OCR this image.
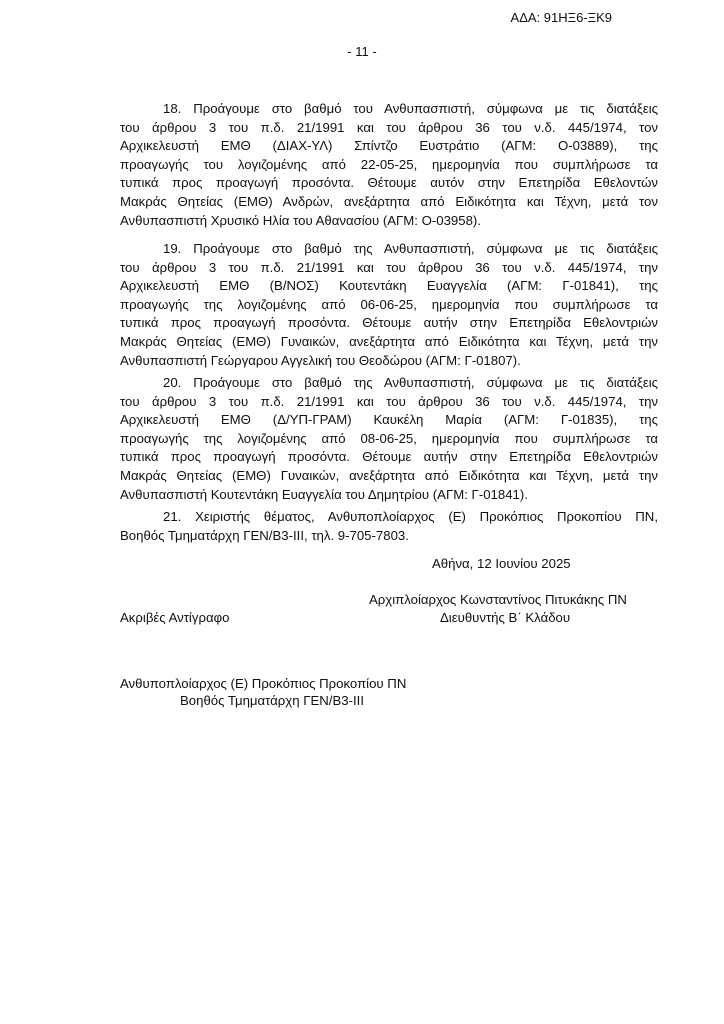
ΑΔΑ: 91ΗΞ6-ΞΚ9
- 11 -
18. Προάγουμε στο βαθμό του Ανθυπασπιστή, σύμφωνα με τις διατάξεις
του άρθρου 3 του π.δ. 21/1991 και του άρθρου 36 του ν.δ. 445/1974, τον
Αρχικελευστή ΕΜΘ (ΔΙΑΧ-ΥΛ) Σπίντζο Ευστράτιο (ΑΓΜ: Ο-03889), της
προαγωγής του λογιζομένης από 22-05-25, ημερομηνία που συμπλήρωσε τα
τυπικά προς προαγωγή προσόντα. Θέτουμε αυτόν στην Επετηρίδα Εθελοντών
Μακράς Θητείας (ΕΜΘ) Ανδρών, ανεξάρτητα από Ειδικότητα και Τέχνη, μετά τον
Ανθυπασπιστή Χρυσικό Ηλία του Αθανασίου (ΑΓΜ: Ο-03958).
19. Προάγουμε στο βαθμό της Ανθυπασπιστή, σύμφωνα με τις διατάξεις
του άρθρου 3 του π.δ. 21/1991 και του άρθρου 36 του ν.δ. 445/1974, την
Αρχικελευστή ΕΜΘ (Β/ΝΟΣ) Κουτεντάκη Ευαγγελία (ΑΓΜ: Γ-01841), της
προαγωγής της λογιζομένης από 06-06-25, ημερομηνία που συμπλήρωσε τα
τυπικά προς προαγωγή προσόντα. Θέτουμε αυτήν στην Επετηρίδα Εθελοντριών
Μακράς Θητείας (ΕΜΘ) Γυναικών, ανεξάρτητα από Ειδικότητα και Τέχνη, μετά την
Ανθυπασπιστή Γεώργαρου Αγγελική του Θεοδώρου (ΑΓΜ: Γ-01807).
20. Προάγουμε στο βαθμό της Ανθυπασπιστή, σύμφωνα με τις διατάξεις
του άρθρου 3 του π.δ. 21/1991 και του άρθρου 36 του ν.δ. 445/1974, την
Αρχικελευστή ΕΜΘ (Δ/ΥΠ-ΓΡΑΜ) Καυκέλη Μαρία (ΑΓΜ: Γ-01835), της
προαγωγής της λογιζομένης από 08-06-25, ημερομηνία που συμπλήρωσε τα
τυπικά προς προαγωγή προσόντα. Θέτουμε αυτήν στην Επετηρίδα Εθελοντριών
Μακράς Θητείας (ΕΜΘ) Γυναικών, ανεξάρτητα από Ειδικότητα και Τέχνη, μετά την
Ανθυπασπιστή Κουτεντάκη Ευαγγελία του Δημητρίου (ΑΓΜ: Γ-01841).
21. Χειριστής θέματος, Ανθυποπλοίαρχος (Ε) Προκόπιος Προκοπίου ΠΝ,
Βοηθός Τμηματάρχη ΓΕΝ/Β3-ΙΙΙ, τηλ. 9-705-7803.
Αθήνα, 12 Ιουνίου 2025
Αρχιπλοίαρχος Κωνσταντίνος Πιτυκάκης ΠΝ
Ακριβές Αντίγραφο	Διευθυντής Β΄ Κλάδου
Ανθυποπλοίαρχος (Ε) Προκόπιος Προκοπίου ΠΝ
Βοηθός Τμηματάρχη ΓΕΝ/Β3-ΙΙΙ
